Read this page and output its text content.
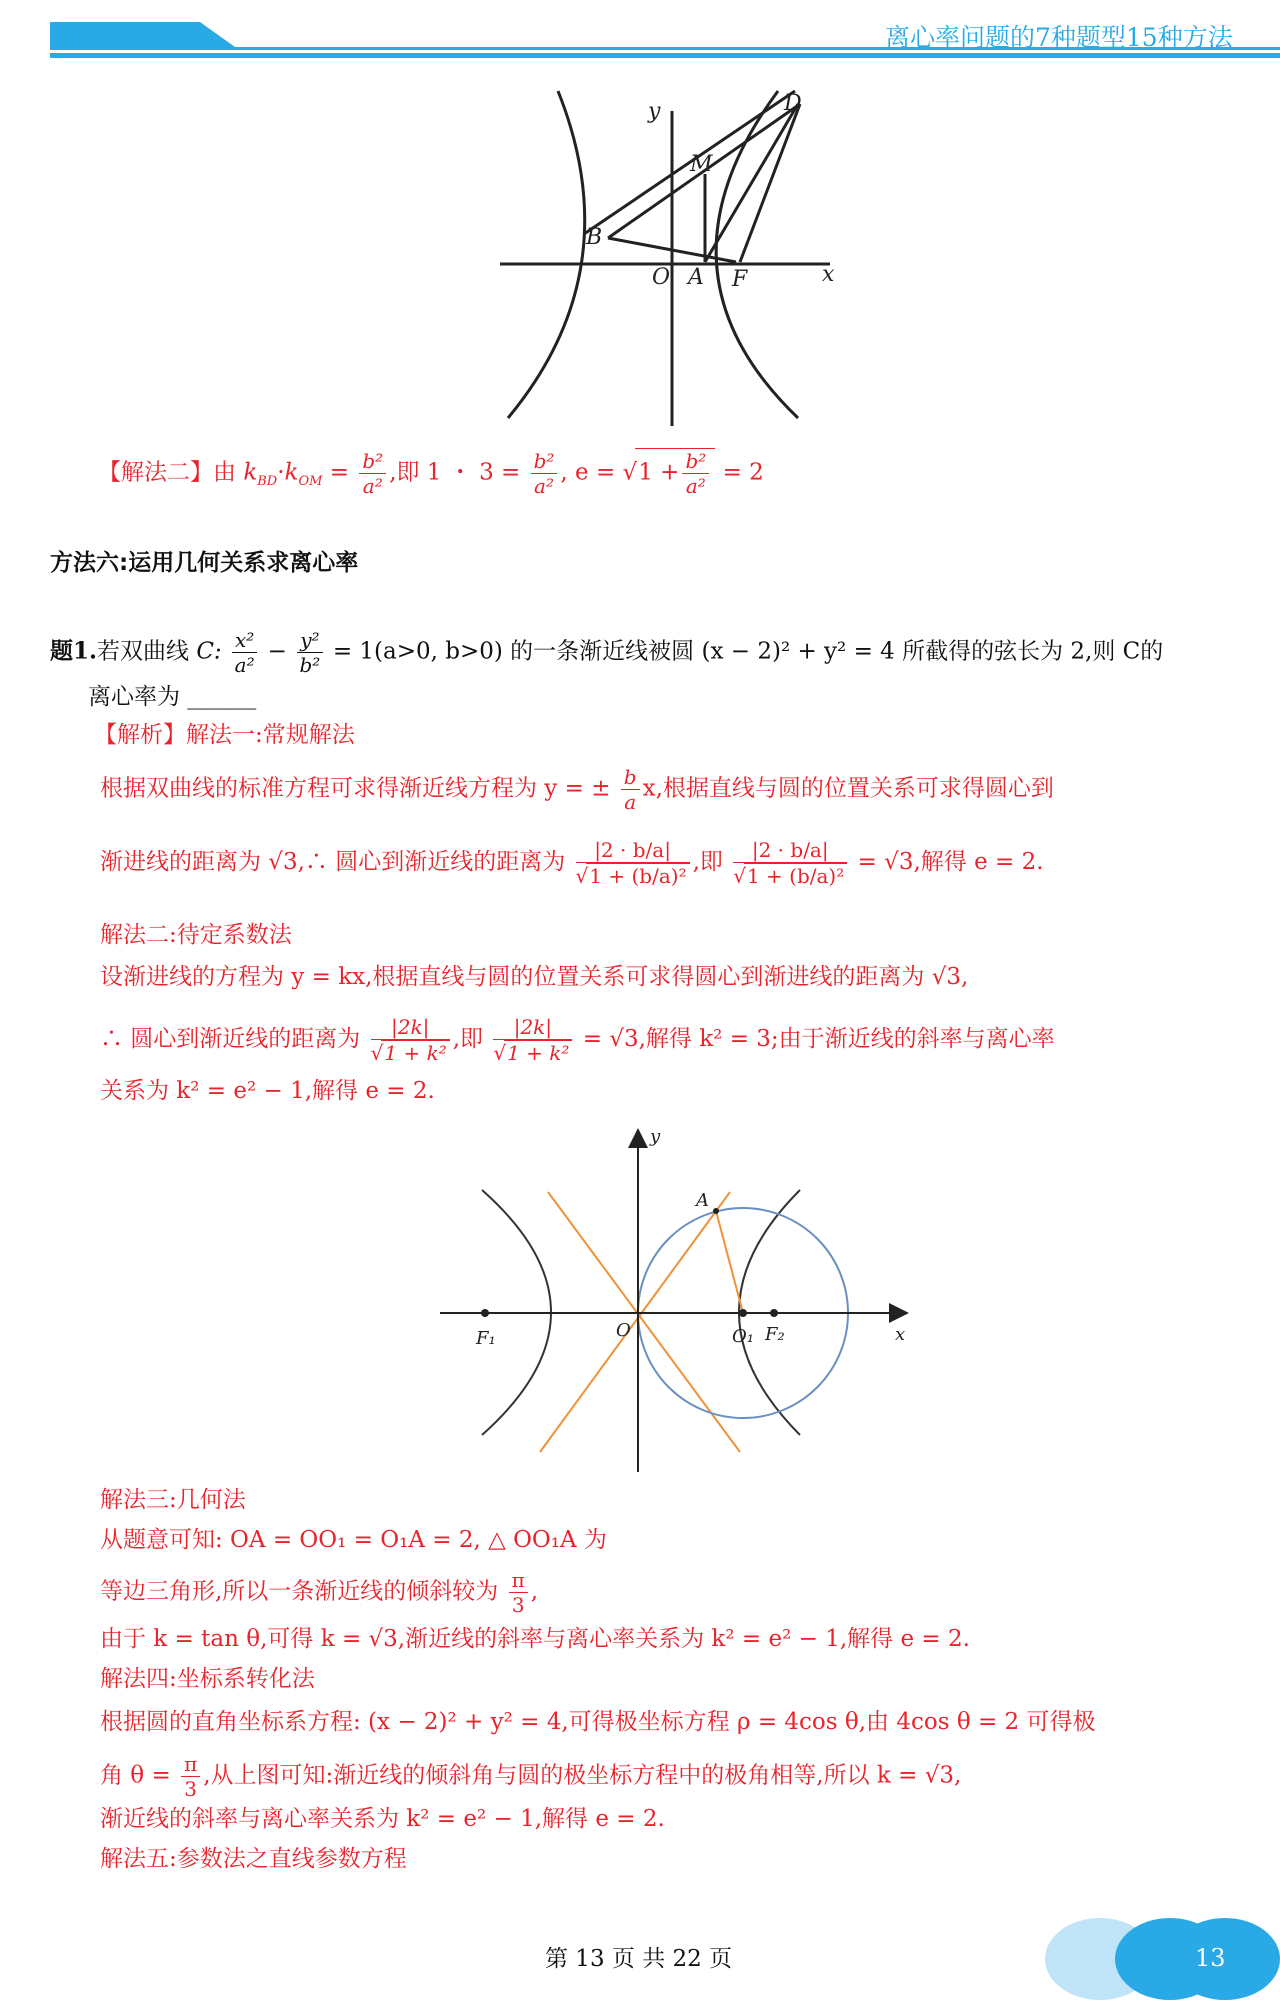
离心率问题的7种题型15种方法
y
x
D
M
B
O A F
【解法二】由 $k_{BD}\cdot k_{OM} = \frac{\text{b²}}{\text{a²}}$ ,即 1 ・ $3 = \frac{\text{b²}}{\text{a²}}$ , $e = √1 + \frac{\text{b²}}{\text{a²}} = 2$
方法六:运用几何关系求离心率
题1.若双曲线 C: $\frac{\text{x²}}{\text{a²}} - \frac{\text{y²}}{\text{b²}} = 1(a>0$, b>0) 的一条渐近线被圆 (x − 2)² + y² = 4 所截得的弦长为 2,则 C的
离心率为 ______
【解析】解法一:常规解法
根据双曲线的标准方程可求得渐近线方程为 y = ± $\frac{b}{a} x$,根据直线与圆的位置关系可求得圆心到
渐进线的距离为 √3,∴ 圆心到渐近线的距离为 $\frac{|2 \cdot b/a|}{\text{√1 + (b/a)²}}$ ,即 $\frac{|2 \cdot b/a|}{\text{√1 + (b/a)²}} = √3$,解得 e = 2.
解法二:待定系数法
设渐进线的方程为 y = kx,根据直线与圆的位置关系可求得圆心到渐进线的距离为 √3,
∴ 圆心到渐近线的距离为 $\frac{|2k|}{\text{√1 + k²}}$ ,即 $\frac{|2k|}{\text{√1 + k²}} = √3$,解得 k² = 3;由于渐近线的斜率与离心率
关系为 k² = e² − 1,解得 e = 2.
y
x
A
O	O₁
F₁	F₂
解法三:几何法
从题意可知: OA = OO₁ = O₁A = 2, △ OO₁A 为
等边三角形,所以一条渐近线的倾斜较为 $\frac{\pi}{3}$ ,
由于 k = tan θ,可得 k = √3,渐近线的斜率与离心率关系为 k² = e² − 1,解得 e = 2.
解法四:坐标系转化法
根据圆的直角坐标系方程: (x − 2)² + y² = 4,可得极坐标方程 ρ = 4cos θ,由 4cos θ = 2 可得极
角 $\theta = \frac{\pi}{3}$ ,从上图可知:渐近线的倾斜角与圆的极坐标方程中的极角相等,所以 k = √3,
渐近线的斜率与离心率关系为 k² = e² − 1,解得 e = 2.
解法五:参数法之直线参数方程
第 13 页 共 22 页	13
